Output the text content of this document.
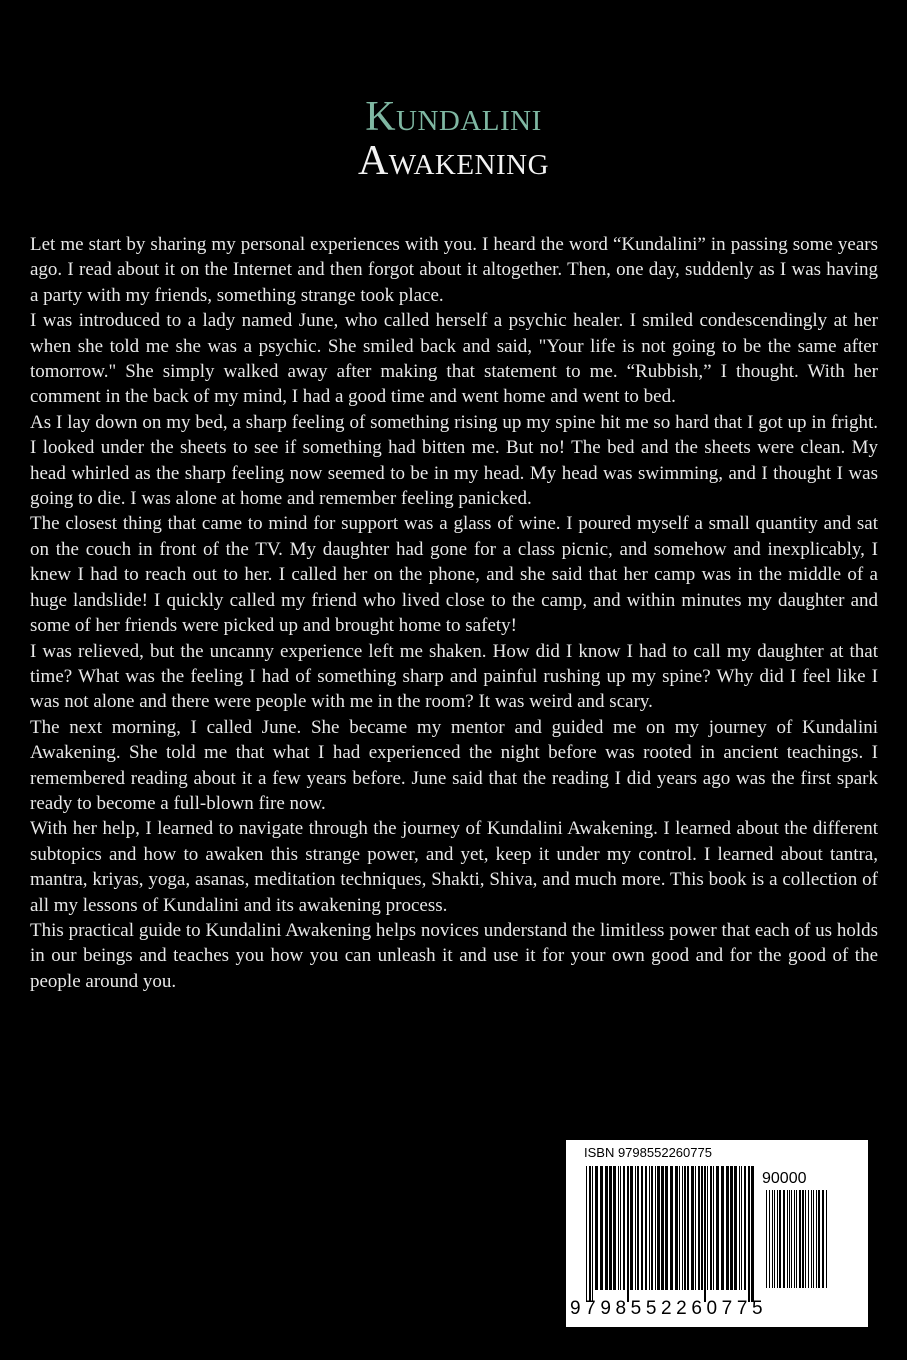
Kundalini
Awakening

Let me start by sharing my personal experiences with you. I heard the word “Kundalini” in passing some years ago. I read about it on the Internet and then forgot about it altogether. Then, one day, suddenly as I was having a party with my friends, something strange took place.

I was introduced to a lady named June, who called herself a psychic healer. I smiled condescendingly at her when she told me she was a psychic. She smiled back and said, "Your life is not going to be the same after tomorrow." She simply walked away after making that statement to me. “Rubbish,” I thought. With her comment in the back of my mind, I had a good time and went home and went to bed.

As I lay down on my bed, a sharp feeling of something rising up my spine hit me so hard that I got up in fright. I looked under the sheets to see if something had bitten me. But no! The bed and the sheets were clean. My head whirled as the sharp feeling now seemed to be in my head. My head was swimming, and I thought I was going to die. I was alone at home and remember feeling panicked.

The closest thing that came to mind for support was a glass of wine. I poured myself a small quantity and sat on the couch in front of the TV. My daughter had gone for a class picnic, and somehow and inexplicably, I knew I had to reach out to her. I called her on the phone, and she said that her camp was in the middle of a huge landslide! I quickly called my friend who lived close to the camp, and within minutes my daughter and some of her friends were picked up and brought home to safety!

I was relieved, but the uncanny experience left me shaken. How did I know I had to call my daughter at that time? What was the feeling I had of something sharp and painful rushing up my spine? Why did I feel like I was not alone and there were people with me in the room? It was weird and scary.

The next morning, I called June. She became my mentor and guided me on my journey of Kundalini Awakening. She told me that what I had experienced the night before was rooted in ancient teachings. I remembered reading about it a few years before. June said that the reading I did years ago was the first spark ready to become a full-blown fire now.

With her help, I learned to navigate through the journey of Kundalini Awakening. I learned about the different subtopics and how to awaken this strange power, and yet, keep it under my control. I learned about tantra, mantra, kriyas, yoga, asanas, meditation techniques, Shakti, Shiva, and much more. This book is a collection of all my lessons of Kundalini and its awakening process.

This practical guide to Kundalini Awakening helps novices understand the limitless power that each of us holds in our beings and teaches you how you can unleash it and use it for your own good and for the good of the people around you.

ISBN 9798552260775
90000
9798552260775
